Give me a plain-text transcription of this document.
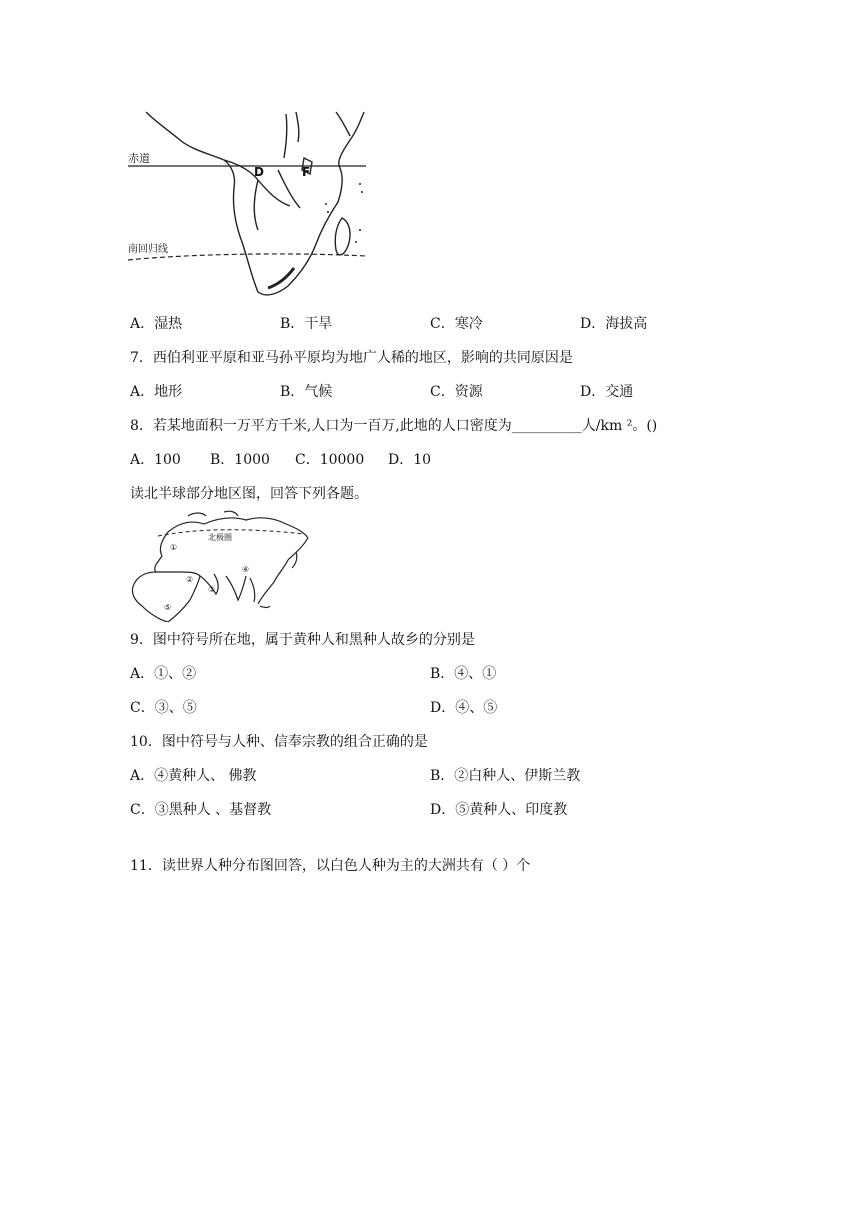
赤道
南回归线
D	F
A．湿热	B．干旱	C．寒冷	D．海拔高
7．西伯利亚平原和亚马孙平原均为地广人稀的地区，影响的共同原因是
A．地形	B．气候	C．资源	D．交通
8．若某地面积一万平方千米,人口为一百万,此地的人口密度为__________人/km ²。()
A．100 B．1000 C．10000 D．10
读北半球部分地区图，回答下列各题。
北极圈
①
②
③
④
⑤
9．图中符号所在地，属于黄种人和黑种人故乡的分别是
A．①、②	B．④、①
C．③、⑤	D．④、⑤
10．图中符号与人种、信奉宗教的组合正确的是
A．④黄种人、 佛教	B．②白种人、伊斯兰教
C．③黑种人 、基督教	D．⑤黄种人、印度教
11．读世界人种分布图回答，以白色人种为主的大洲共有（ ）个
